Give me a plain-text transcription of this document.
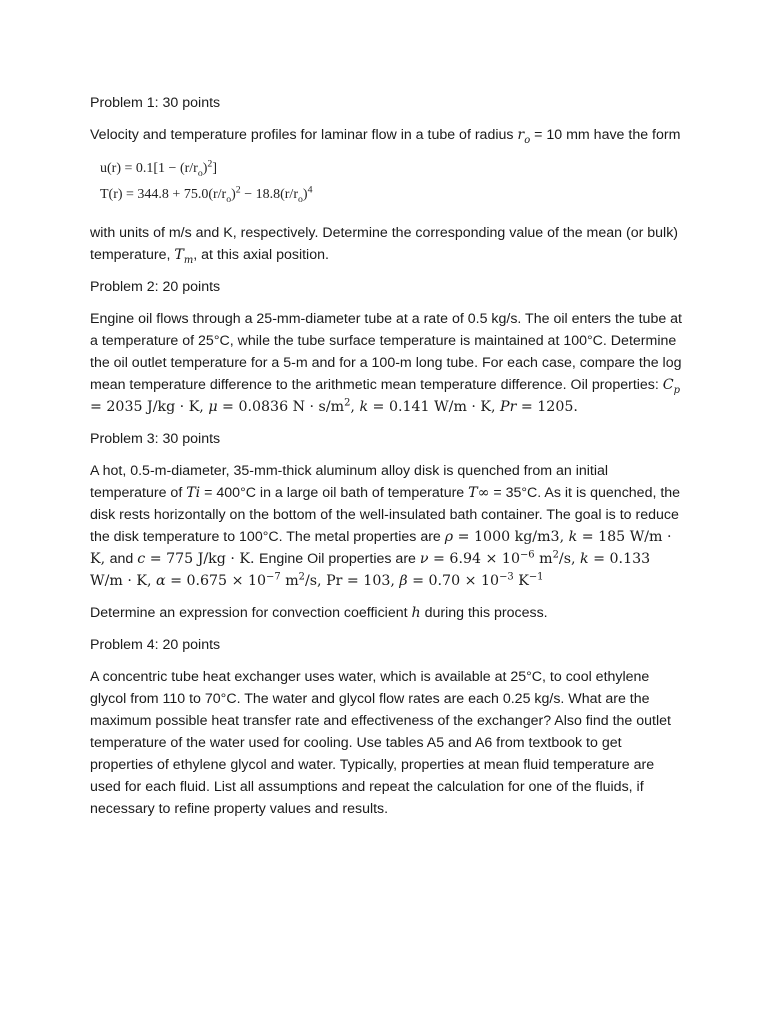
Problem 1: 30 points

Velocity and temperature profiles for laminar flow in a tube of radius $r_o = 10$ mm have the form

$u(r) = 0.1[1 - (r/r_o)^2]$
$T(r) = 344.8 + 75.0(r/r_o)^2 - 18.8(r/r_o)^4$

with units of m/s and K, respectively. Determine the corresponding value of the mean (or bulk) temperature, $T_m$, at this axial position.

Problem 2: 20 points

Engine oil flows through a 25-mm-diameter tube at a rate of 0.5 kg/s. The oil enters the tube at a temperature of 25°C, while the tube surface temperature is maintained at 100°C. Determine the oil outlet temperature for a 5-m and for a 100-m long tube. For each case, compare the log mean temperature difference to the arithmetic mean temperature difference. Oil properties: $C_p = 2035$ J/kg · K, μ = 0.0836 $N \cdot s/m^2$, k = 0.141 W/m · K, Pr = 1205.

Problem 3: 30 points

A hot, 0.5-m-diameter, 35-mm-thick aluminum alloy disk is quenched from an initial temperature of Ti = 400°C in a large oil bath of temperature T∞ = 35°C. As it is quenched, the disk rests horizontally on the bottom of the well-insulated bath container. The goal is to reduce the disk temperature to 100°C. The metal properties are ρ = 1000 kg/m3, k = 185 W/m · K, and c = 775 J/kg · K. Engine Oil properties are $\nu = 6.94 \times 10^{-6}$ $m^2/s$, k = 0.133 W/m · K, $\alpha = 0.675 \times 10^{-7}$ $m^2/s$, Pr = 103, $\beta = 0.70 \times 10^{-3}$ $K^{-1}$

Determine an expression for convection coefficient h during this process.

Problem 4: 20 points

A concentric tube heat exchanger uses water, which is available at 25°C, to cool ethylene glycol from 110 to 70°C. The water and glycol flow rates are each 0.25 kg/s. What are the maximum possible heat transfer rate and effectiveness of the exchanger? Also find the outlet temperature of the water used for cooling. Use tables A5 and A6 from textbook to get properties of ethylene glycol and water. Typically, properties at mean fluid temperature are used for each fluid. List all assumptions and repeat the calculation for one of the fluids, if necessary to refine property values and results.
